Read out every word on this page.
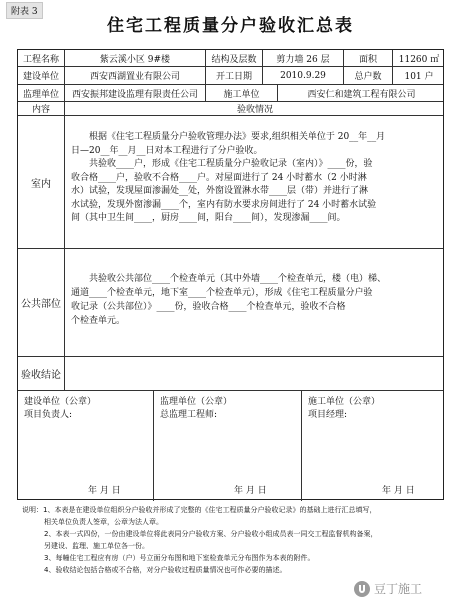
附表 3
住宅工程质量分户验收汇总表
工程名称	紫云溪小区 9#楼	结构及层数	剪力墙 26 层	面积	11260 ㎡
建设单位	西安西湖置业有限公司	开工日期	2010.9.29	总户数	101 户
监理单位	西安振邦建设监理有限责任公司	施工单位	西安仁和建筑工程有限公司
内容	验收情况
室内

根据《住宅工程质量分户验收管理办法》要求,组织相关单位于 20__年__月

日—20__年__月__日对本工程进行了分户验收。

共验收____户，形成《住宅工程质量分户验收记录（室内）》____份，验

收合格____户，验收不合格____户。对屋面进行了 24 小时蓄水（2 小时淋

水）试验，发现屋面渗漏处__处，外窗设置淋水带____层（带）并进行了淋

水试验，发现外窗渗漏____个，室内有防水要求房间进行了 24 小时蓄水试验

间（其中卫生间____，厨房____间，阳台____间），发现渗漏____间。

公共部位

共验收公共部位____个检查单元（其中外墙____个检查单元，楼（电）梯、

通道____个检查单元，地下室____个检查单元），形成《住宅工程质量分户验

收记录（公共部位）》____份，验收合格____个检查单元，验收不合格

个检查单元。

验收结论
建设单位（公章）
项目负责人:
年 月 日
监理单位（公章）
总监理工程师:
年 月 日
施工单位（公章）
项目经理:
年 月 日

说明：1、本表是在建设单位组织分户验收并形成了完整的《住宅工程质量分户验收记录》的基础上进行汇总填写，

相关单位负责人签章，公章为法人章。

2、本表一式四份，一份由建设单位将此表同分户验收方案、分户验收小组成员表一同交工程监督机构备案，

另建设、监理、施工单位各一份。

3、每幢住宅工程应有房（户）号立面分布图和地下室检查单元分布图作为本表的附件。

4、验收结论包括合格或不合格，对分户验收过程质量情况也可作必要的描述。

豆丁施工
